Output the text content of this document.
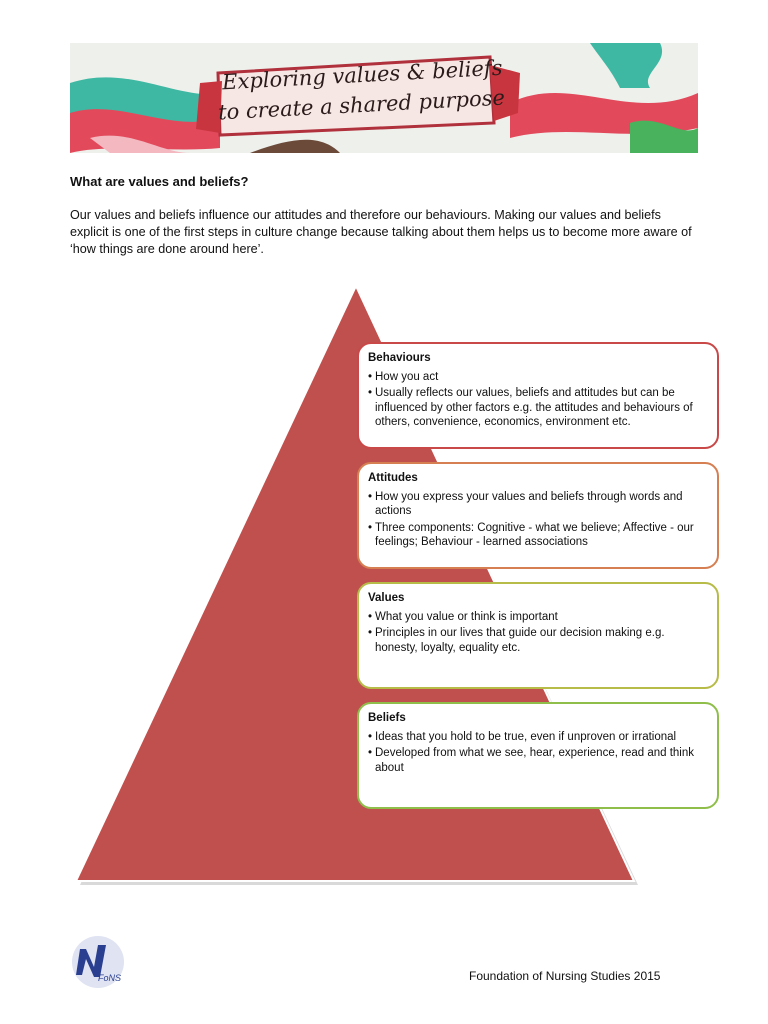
Exploring values & beliefs
to create a shared purpose
What are values and beliefs?
Our values and beliefs influence our attitudes and therefore our behaviours. Making our values and beliefs explicit is one of the first steps in culture change because talking about them helps us to become more aware of ‘how things are done around here’.
Behaviours
• How you act
• Usually reflects our values, beliefs and attitudes but can be influenced by other factors e.g. the attitudes and behaviours of others, convenience, economics, environment etc.
Attitudes
• How you express your values and beliefs through words and actions
• Three components: Cognitive - what we believe; Affective - our feelings; Behaviour - learned associations
Values
• What you value or think is important
• Principles in our lives that guide our decision making e.g. honesty, loyalty, equality etc.
Beliefs
• Ideas that you hold to be true, even if unproven or irrational
• Developed from what we see, hear, experience, read and think about
FoNS	Foundation of Nursing Studies 2015
